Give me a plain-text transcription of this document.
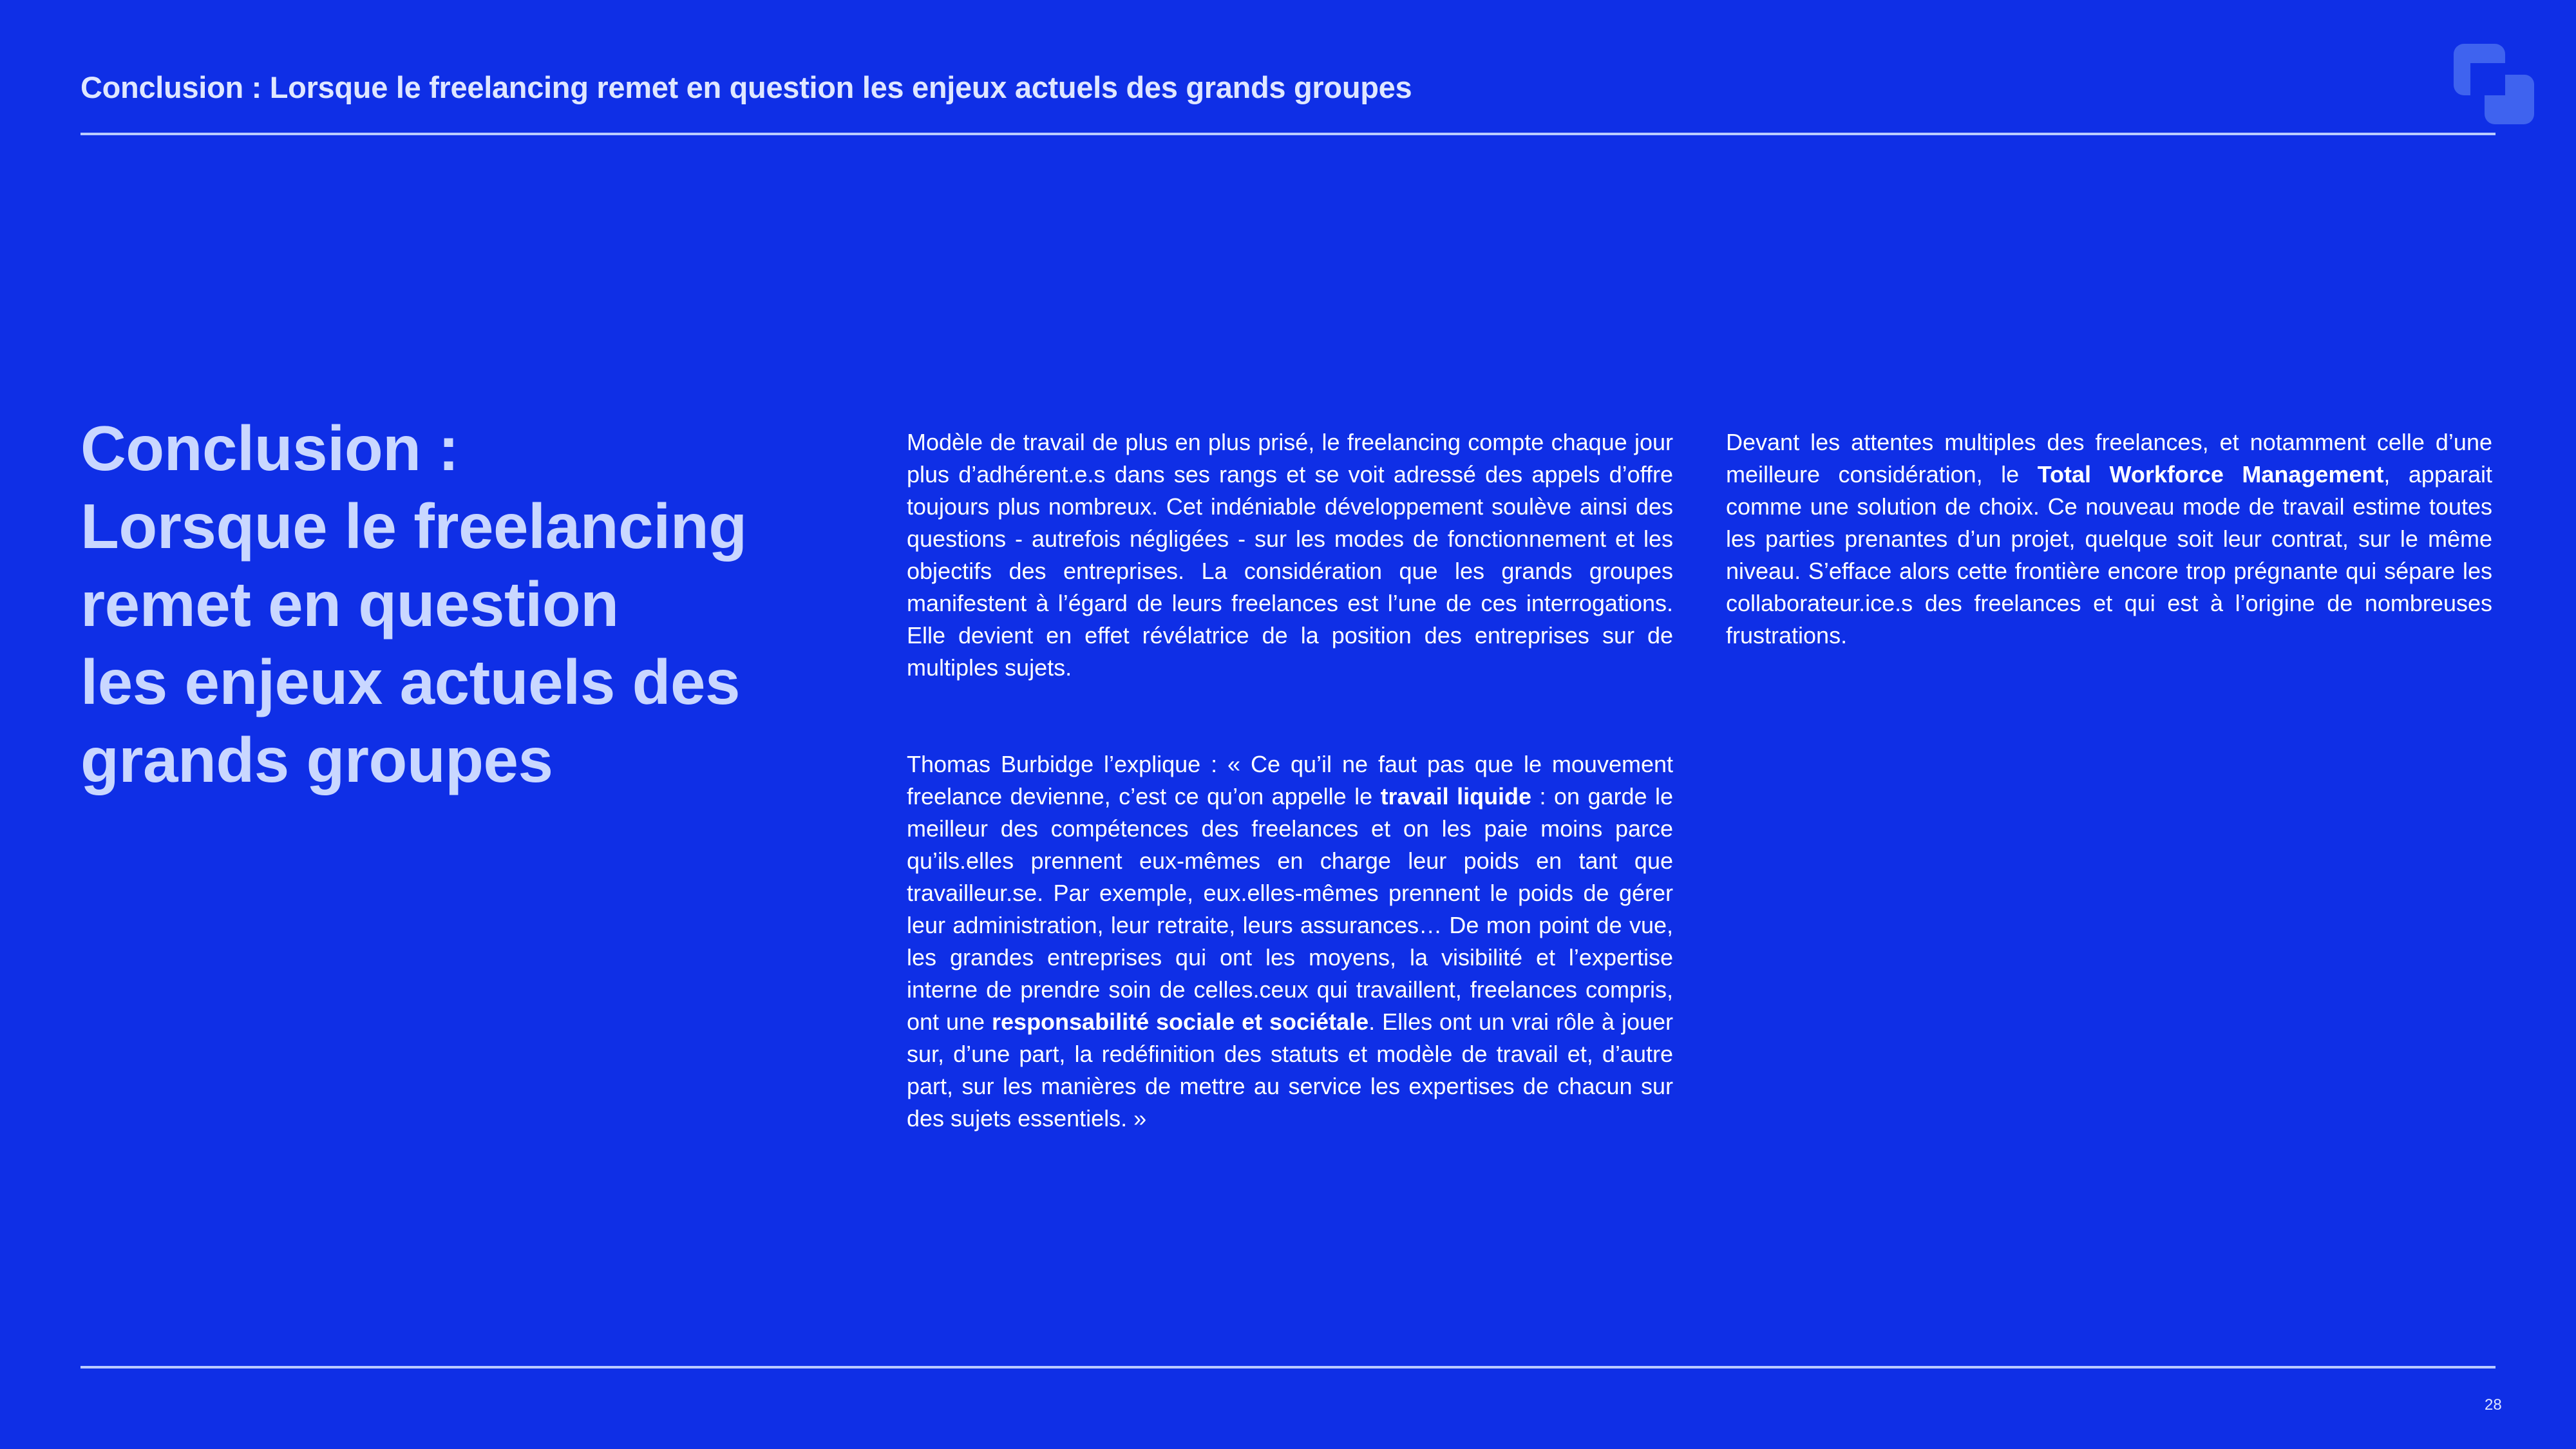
Conclusion : Lorsque le freelancing remet en question les enjeux actuels des grands groupes
Conclusion :
Lorsque le freelancing
remet en question
les enjeux actuels des
grands groupes

Modèle de travail de plus en plus prisé, le freelancing compte chaque jour plus d’adhérent.e.s dans ses rangs et se voit adressé des appels d’offre toujours plus nombreux. Cet indéniable développement soulève ainsi des questions - autrefois négligées - sur les modes de fonctionnement et les objectifs des entreprises. La considération que les grands groupes manifestent à l’égard de leurs freelances est l’une de ces interrogations. Elle devient en effet révélatrice de la position des entreprises sur de multiples sujets.

Thomas Burbidge l’explique : « Ce qu’il ne faut pas que le mouvement freelance devienne, c’est ce qu’on appelle le travail liquide : on garde le meilleur des compétences des freelances et on les paie moins parce qu’ils.elles prennent eux-mêmes en charge leur poids en tant que travailleur.se. Par exemple, eux.elles-mêmes prennent le poids de gérer leur administration, leur retraite, leurs assurances… De mon point de vue, les grandes entreprises qui ont les moyens, la visibilité et l’expertise interne de prendre soin de celles.ceux qui travaillent, freelances compris, ont une responsabilité sociale et sociétale. Elles ont un vrai rôle à jouer sur, d’une part, la redéfinition des statuts et modèle de travail et, d’autre part, sur les manières de mettre au service les expertises de chacun sur des sujets essentiels. »

Devant les attentes multiples des freelances, et notamment celle d’une meilleure considération, le Total Workforce Management, apparait comme une solution de choix. Ce nouveau mode de travail estime toutes les parties prenantes d’un projet, quelque soit leur contrat, sur le même niveau. S’efface alors cette frontière encore trop prégnante qui sépare les collaborateur.ice.s des freelances et qui est à l’origine de nombreuses frustrations.

28
